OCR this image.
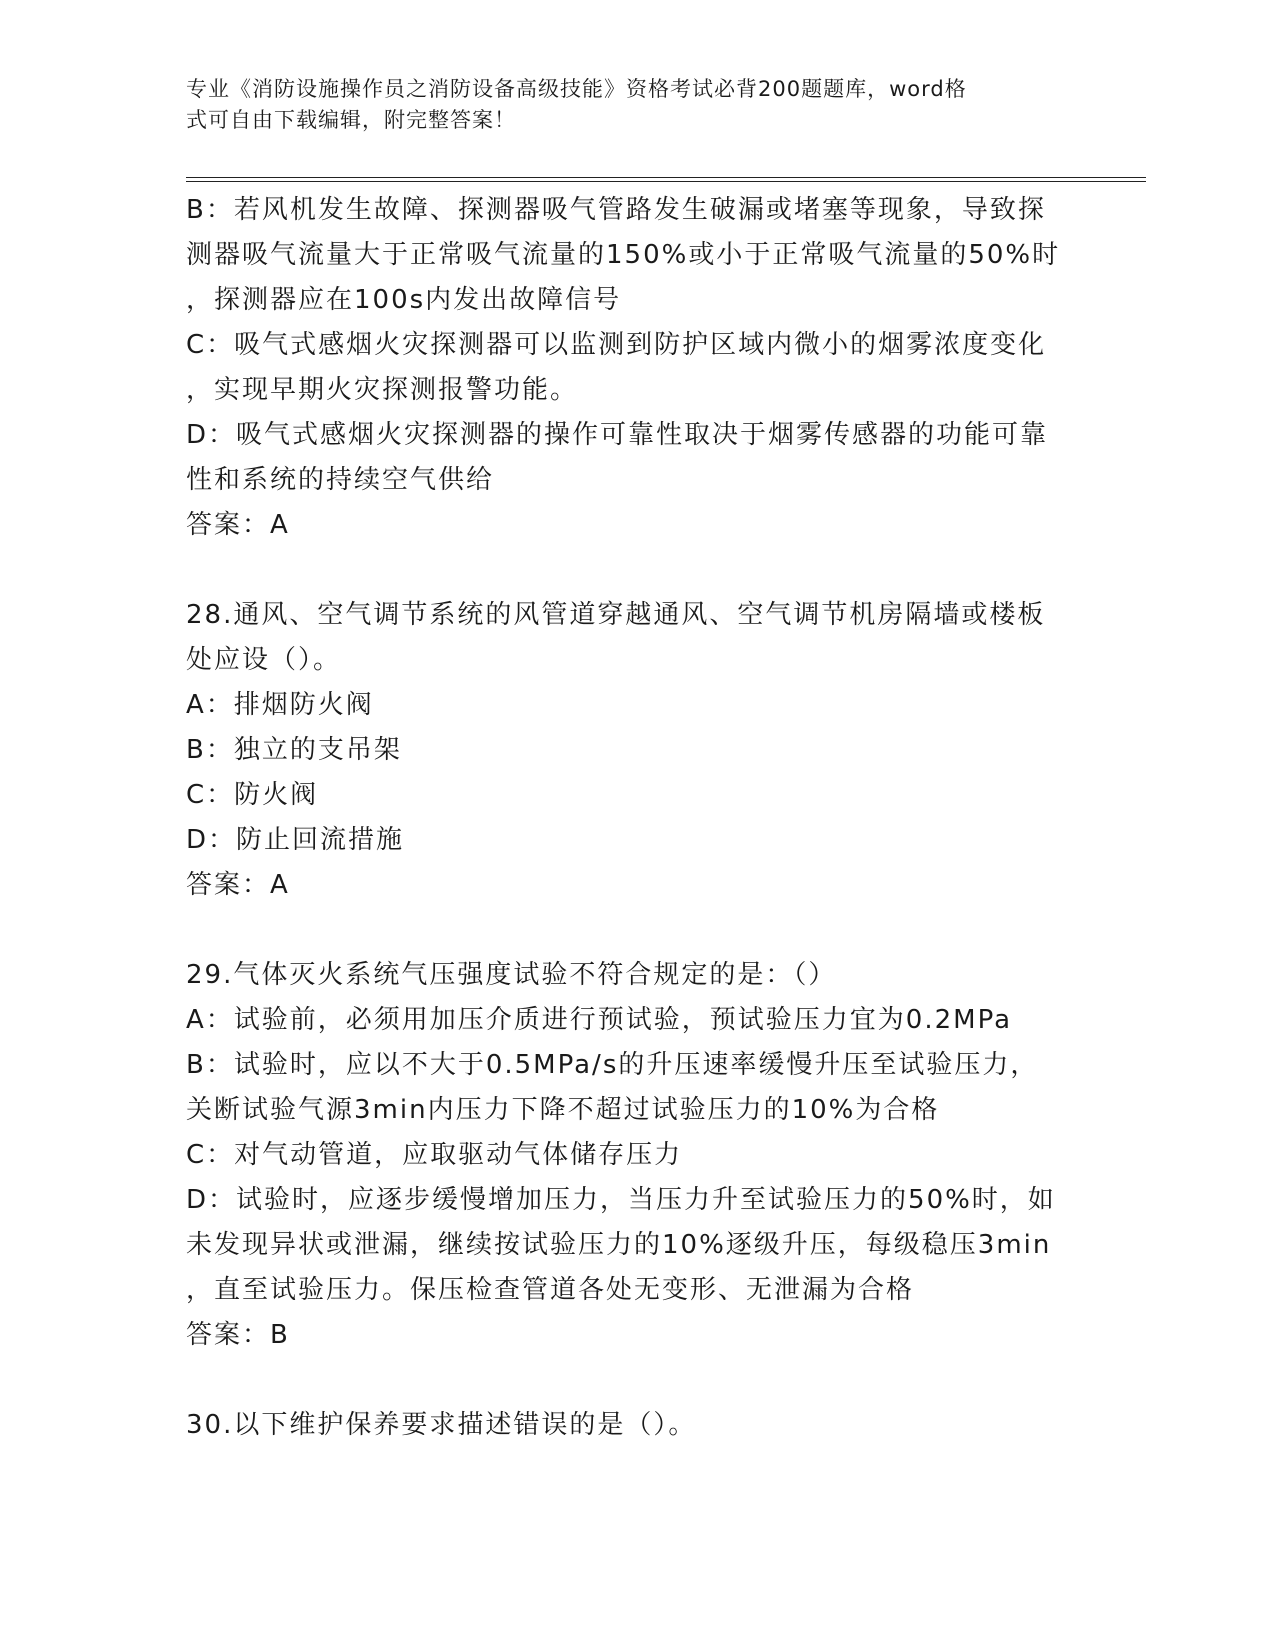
专业《消防设施操作员之消防设备高级技能》资格考试必背200题题库，word格
式可自由下载编辑，附完整答案！
B：若风机发生故障、探测器吸气管路发生破漏或堵塞等现象，导致探
测器吸气流量大于正常吸气流量的150%或小于正常吸气流量的50%时
，探测器应在100s内发出故障信号
C：吸气式感烟火灾探测器可以监测到防护区域内微小的烟雾浓度变化
，实现早期火灾探测报警功能。
D：吸气式感烟火灾探测器的操作可靠性取决于烟雾传感器的功能可靠
性和系统的持续空气供给
答案：A
28.通风、空气调节系统的风管道穿越通风、空气调节机房隔墙或楼板
处应设（）。
A：排烟防火阀
B：独立的支吊架
C：防火阀
D：防止回流措施
答案：A
29.气体灭火系统气压强度试验不符合规定的是：（）
A：试验前，必须用加压介质进行预试验，预试验压力宜为0.2MPa
B：试验时，应以不大于0.5MPa/s的升压速率缓慢升压至试验压力，
关断试验气源3min内压力下降不超过试验压力的10%为合格
C：对气动管道，应取驱动气体储存压力
D：试验时，应逐步缓慢增加压力，当压力升至试验压力的50%时，如
未发现异状或泄漏，继续按试验压力的10%逐级升压，每级稳压3min
，直至试验压力。保压检查管道各处无变形、无泄漏为合格
答案：B
30.以下维护保养要求描述错误的是（）。
